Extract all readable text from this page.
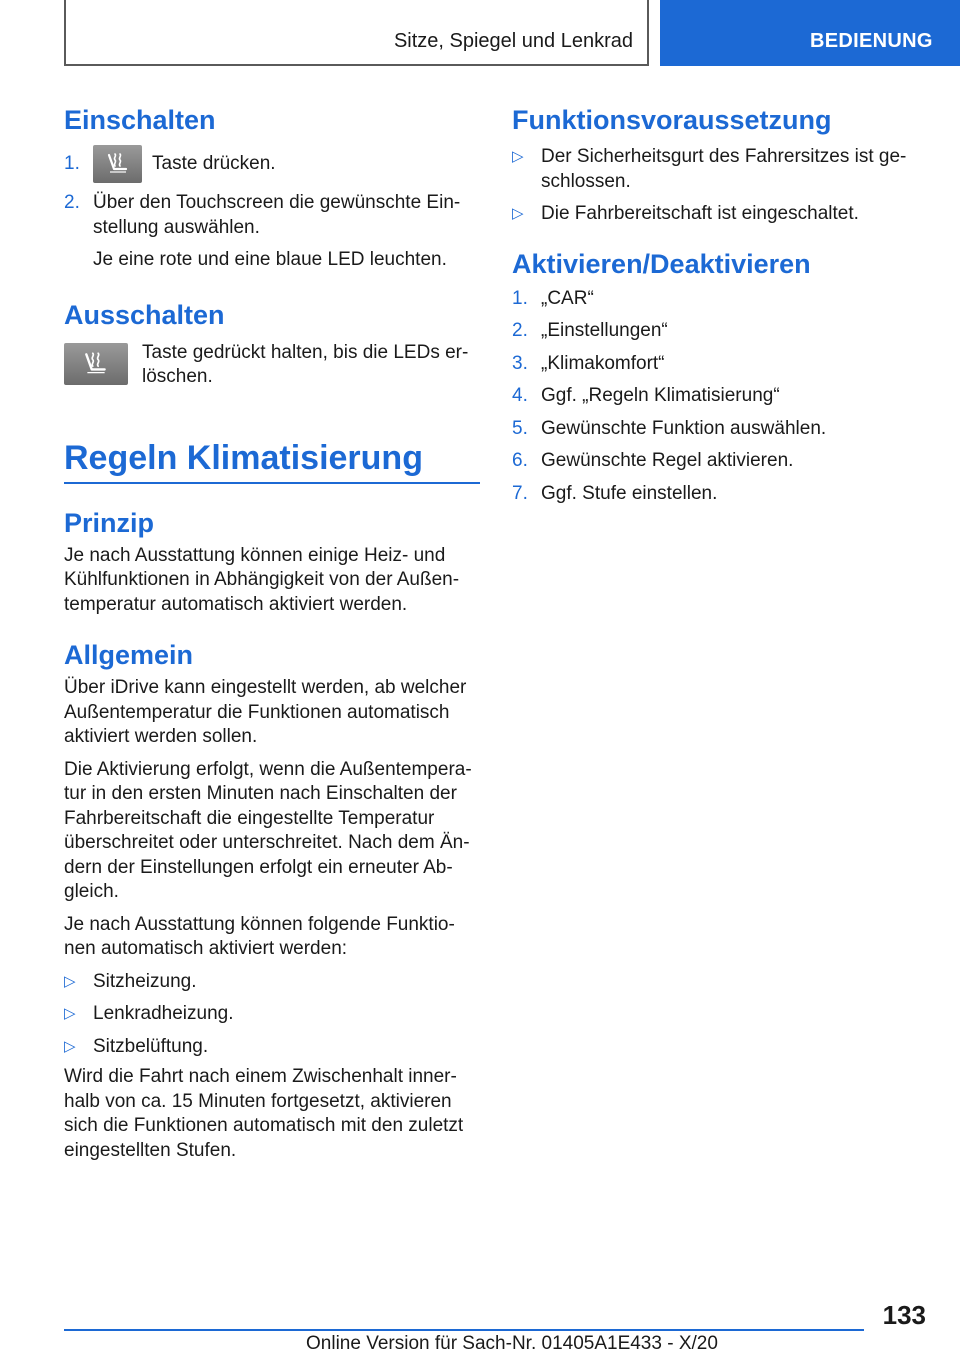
Sitze, Spiegel und Lenkrad	BEDIENUNG
Einschalten
1.	Taste drücken.
2. Über den Touchscreen die gewünschte Ein-stellung auswählen.

Je eine rote und eine blaue LED leuchten.

Ausschalten
Taste gedrückt halten, bis die LEDs er-löschen.
Regeln Klimatisierung
Prinzip

Je nach Ausstattung können einige Heiz- und Kühlfunktionen in Abhängigkeit von der Außen-temperatur automatisch aktiviert werden.

Allgemein

Über iDrive kann eingestellt werden, ab welcher Außentemperatur die Funktionen automatisch aktiviert werden sollen.

Die Aktivierung erfolgt, wenn die Außentempera-tur in den ersten Minuten nach Einschalten der Fahrbereitschaft die eingestellte Temperatur überschreitet oder unterschreitet. Nach dem Än-dern der Einstellungen erfolgt ein erneuter Ab-gleich.

Je nach Ausstattung können folgende Funktio-nen automatisch aktiviert werden:

▷ Sitzheizung.
▷ Lenkradheizung.
▷ Sitzbelüftung.

Wird die Fahrt nach einem Zwischenhalt inner-halb von ca. 15 Minuten fortgesetzt, aktivieren sich die Funktionen automatisch mit den zuletzt eingestellten Stufen.

Funktionsvoraussetzung
▷ Der Sicherheitsgurt des Fahrersitzes ist ge-schlossen.
▷ Die Fahrbereitschaft ist eingeschaltet.
Aktivieren/Deaktivieren
1. „CAR“
2. „Einstellungen“
3. „Klimakomfort“
4. Ggf. „Regeln Klimatisierung“
5. Gewünschte Funktion auswählen.
6. Gewünschte Regel aktivieren.
7. Ggf. Stufe einstellen.
133
Online Version für Sach-Nr. 01405A1E433 - X/20
